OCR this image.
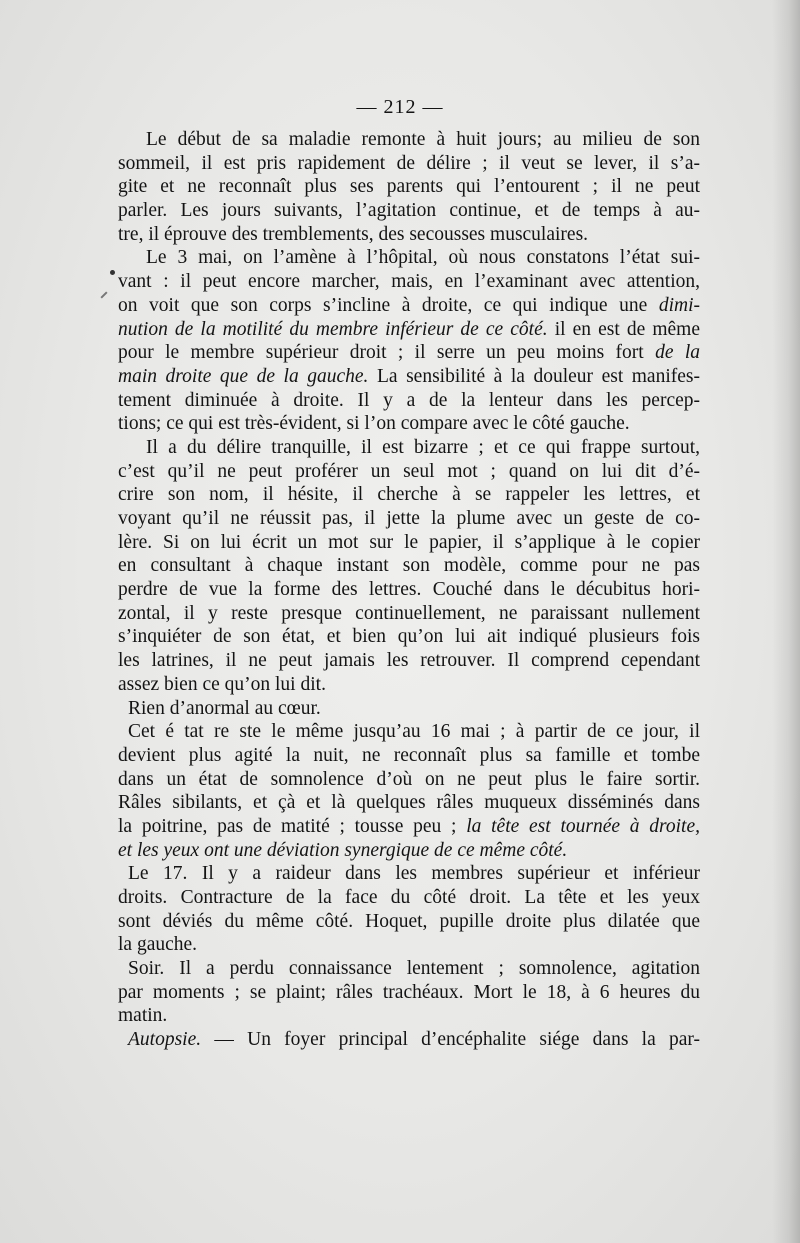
— 212 —
Le début de sa maladie remonte à huit jours; au milieu de son
sommeil, il est pris rapidement de délire ; il veut se lever, il s’a-
gite et ne reconnaît plus ses parents qui l’entourent ; il ne peut
parler. Les jours suivants, l’agitation continue, et de temps à au-
tre, il éprouve des tremblements, des secousses musculaires.
Le 3 mai, on l’amène à l’hôpital, où nous constatons l’état sui-
vant : il peut encore marcher, mais, en l’examinant avec attention,
on voit que son corps s’incline à droite, ce qui indique une dimi-
nution de la motilité du membre inférieur de ce côté. il en est de même
pour le membre supérieur droit ; il serre un peu moins fort de la
main droite que de la gauche. La sensibilité à la douleur est manifes-
tement diminuée à droite. Il y a de la lenteur dans les percep-
tions; ce qui est très-évident, si l’on compare avec le côté gauche.
Il a du délire tranquille, il est bizarre ; et ce qui frappe surtout,
c’est qu’il ne peut proférer un seul mot ; quand on lui dit d’é-
crire son nom, il hésite, il cherche à se rappeler les lettres, et
voyant qu’il ne réussit pas, il jette la plume avec un geste de co-
lère. Si on lui écrit un mot sur le papier, il s’applique à le copier
en consultant à chaque instant son modèle, comme pour ne pas
perdre de vue la forme des lettres. Couché dans le décubitus hori-
zontal, il y reste presque continuellement, ne paraissant nullement
s’inquiéter de son état, et bien qu’on lui ait indiqué plusieurs fois
les latrines, il ne peut jamais les retrouver. Il comprend cependant
assez bien ce qu’on lui dit.
Rien d’anormal au cœur.
Cet é tat re ste le même jusqu’au 16 mai ; à partir de ce jour, il
devient plus agité la nuit, ne reconnaît plus sa famille et tombe
dans un état de somnolence d’où on ne peut plus le faire sortir.
Râles sibilants, et çà et là quelques râles muqueux disséminés dans
la poitrine, pas de matité ; tousse peu ; la tête est tournée à droite,
et les yeux ont une déviation synergique de ce même côté.
Le 17. Il y a raideur dans les membres supérieur et inférieur
droits. Contracture de la face du côté droit. La tête et les yeux
sont déviés du même côté. Hoquet, pupille droite plus dilatée que
la gauche.
Soir. Il a perdu connaissance lentement ; somnolence, agitation
par moments ; se plaint; râles trachéaux. Mort le 18, à 6 heures du
matin.
Autopsie. — Un foyer principal d’encéphalite siége dans la par-
